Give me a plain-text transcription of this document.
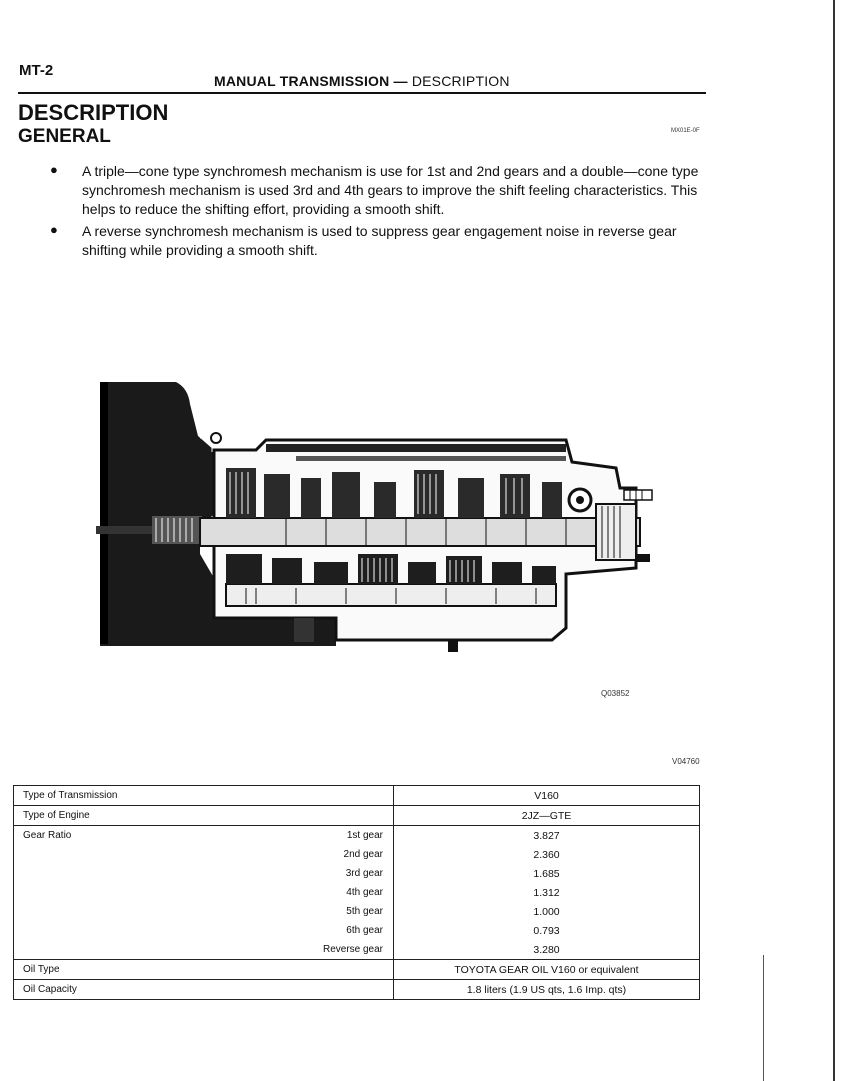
MT-2
MANUAL TRANSMISSION — DESCRIPTION
DESCRIPTION
GENERAL	MX01E-0F
●	A triple—cone type synchromesh mechanism is use for 1st and 2nd gears and a double—cone type synchromesh mechanism is used 3rd and 4th gears to improve the shift feeling characteristics. This helps to reduce the shifting effort, providing a smooth shift.
●	A reverse synchromesh mechanism is used to suppress gear engagement noise in reverse gear shifting while providing a smooth shift.
Q03852
V04760
Type of Transmission		V160
Type of Engine		2JZ—GTE
Gear Ratio	1st gear	3.827
	2nd gear	2.360
	3rd gear	1.685
	4th gear	1.312
	5th gear	1.000
	6th gear	0.793
	Reverse gear	3.280
Oil Type		TOYOTA GEAR OIL V160 or equivalent
Oil Capacity		1.8 liters (1.9 US qts, 1.6 Imp. qts)
